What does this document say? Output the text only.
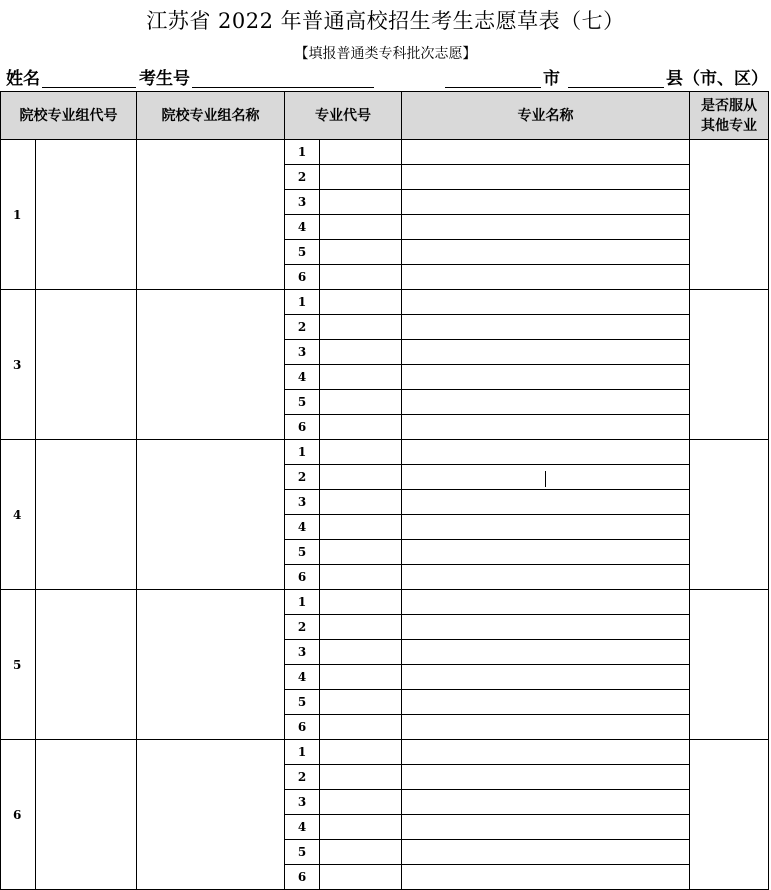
江苏省 2022 年普通高校招生考生志愿草表（七）
【填报普通类专科批次志愿】
姓名	考生号	市	县（市、区）
院校专业组代号		院校专业组名称	专业代号		专业名称	是否服从
其他专业
1			1			
			2			
			3			
			4			
			5			
			6			
3			1			
			2			
			3			
			4			
			5			
			6			
4			1			
			2			
			3			
			4			
			5			
			6			
5			1			
			2			
			3			
			4			
			5			
			6			
6			1			
			2			
			3			
			4			
			5			
			6			
